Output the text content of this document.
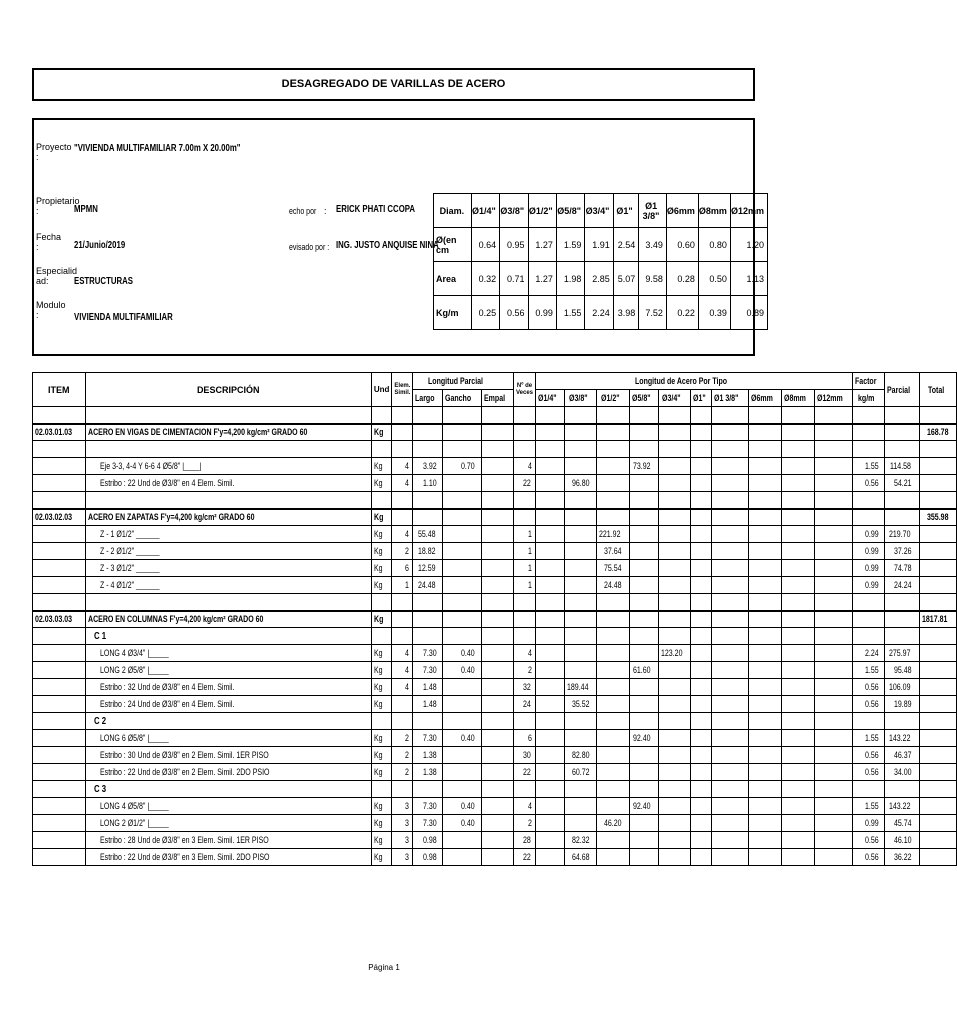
DESAGREGADO DE VARILLAS DE ACERO
Proyecto
:
"VIVIENDA MULTIFAMILIAR 7.00m X 20.00m"
Propietario
:	MPMN
Fecha
:	21/Junio/2019
Especialid
ad:	ESTRUCTURAS
Modulo
:	VIVIENDA MULTIFAMILIAR
echo por : ERICK PHATI CCOPA
evisado por : ING. JUSTO ANQUISE NINA
Diam.	Ø1/4"	Ø3/8"	Ø1/2"	Ø5/8"	Ø3/4"	Ø1"	Ø1 3/8"	Ø6mm	Ø8mm	Ø12mm
Ø(en cm	0.64	0.95	1.27	1.59	1.91	2.54	3.49	0.60	0.80	1.20
Area	0.32	0.71	1.27	1.98	2.85	5.07	9.58	0.28	0.50	1.13
Kg/m	0.25	0.56	0.99	1.55	2.24	3.98	7.52	0.22	0.39	0.89
ITEM	DESCRIPCIÓN	Und	Elem. Simil.	Longitud Parcial			Nº de Veces	Longitud de Acero Por Tipo										Factor	Parcial	Total
				Largo	Gancho	Empal		Ø1/4"	Ø3/8"	Ø1/2"	Ø5/8"	Ø3/4"	Ø1"	Ø1 3/8"	Ø6mm	Ø8mm	Ø12mm	kg/m		

02.03.01.03	ACERO EN VIGAS DE CIMENTACION F'y=4,200 kg/cm² GRADO 60	Kg																		168.78

	Eje 3-3, 4-4 Y 6-6 4 Ø5/8" |____|	Kg	4	3.92	0.70		4				73.92							1.55	114.58	
	Estribo : 22 Und de Ø3/8" en 4 Elem. Simil.	Kg	4	1.10			22		96.80									0.56	54.21	

02.03.02.03	ACERO EN ZAPATAS F'y=4,200 kg/cm² GRADO 60	Kg																		355.98
	Z - 1 Ø1/2" ______	Kg	4	55.48			1			221.92								0.99	219.70	
	Z - 2 Ø1/2" ______	Kg	2	18.82			1			37.64								0.99	37.26	
	Z - 3 Ø1/2" ______	Kg	6	12.59			1			75.54								0.99	74.78	
	Z - 4 Ø1/2" ______	Kg	1	24.48			1			24.48								0.99	24.24	

02.03.03.03	ACERO EN COLUMNAS F'y=4,200 kg/cm² GRADO 60	Kg																		1817.81
	C 1																			
	LONG 4 Ø3/4" |_____	Kg	4	7.30	0.40		4					123.20						2.24	275.97	
	LONG 2 Ø5/8" |_____	Kg	4	7.30	0.40		2				61.60							1.55	95.48	
	Estribo : 32 Und de Ø3/8" en 4 Elem. Simil.	Kg	4	1.48			32		189.44									0.56	106.09	
	Estribo : 24 Und de Ø3/8" en 4 Elem. Simil.	Kg		1.48			24		35.52									0.56	19.89	
	C 2																			
	LONG 6 Ø5/8" |_____	Kg	2	7.30	0.40		6				92.40							1.55	143.22	
	Estribo : 30 Und de Ø3/8" en 2 Elem. Simil. 1ER PISO	Kg	2	1.38			30		82.80									0.56	46.37	
	Estribo : 22 Und de Ø3/8" en 2 Elem. Simil. 2DO PSIO	Kg	2	1.38			22		60.72									0.56	34.00	
	C 3																			
	LONG 4 Ø5/8" |_____	Kg	3	7.30	0.40		4				92.40							1.55	143.22	
	LONG 2 Ø1/2" |_____	Kg	3	7.30	0.40		2			46.20								0.99	45.74	
	Estribo : 28 Und de Ø3/8" en 3 Elem. Simil. 1ER PISO	Kg	3	0.98			28		82.32									0.56	46.10	
	Estribo : 22 Und de Ø3/8" en 3 Elem. Simil. 2DO PISO	Kg	3	0.98			22		64.68									0.56	36.22	
Página 1
